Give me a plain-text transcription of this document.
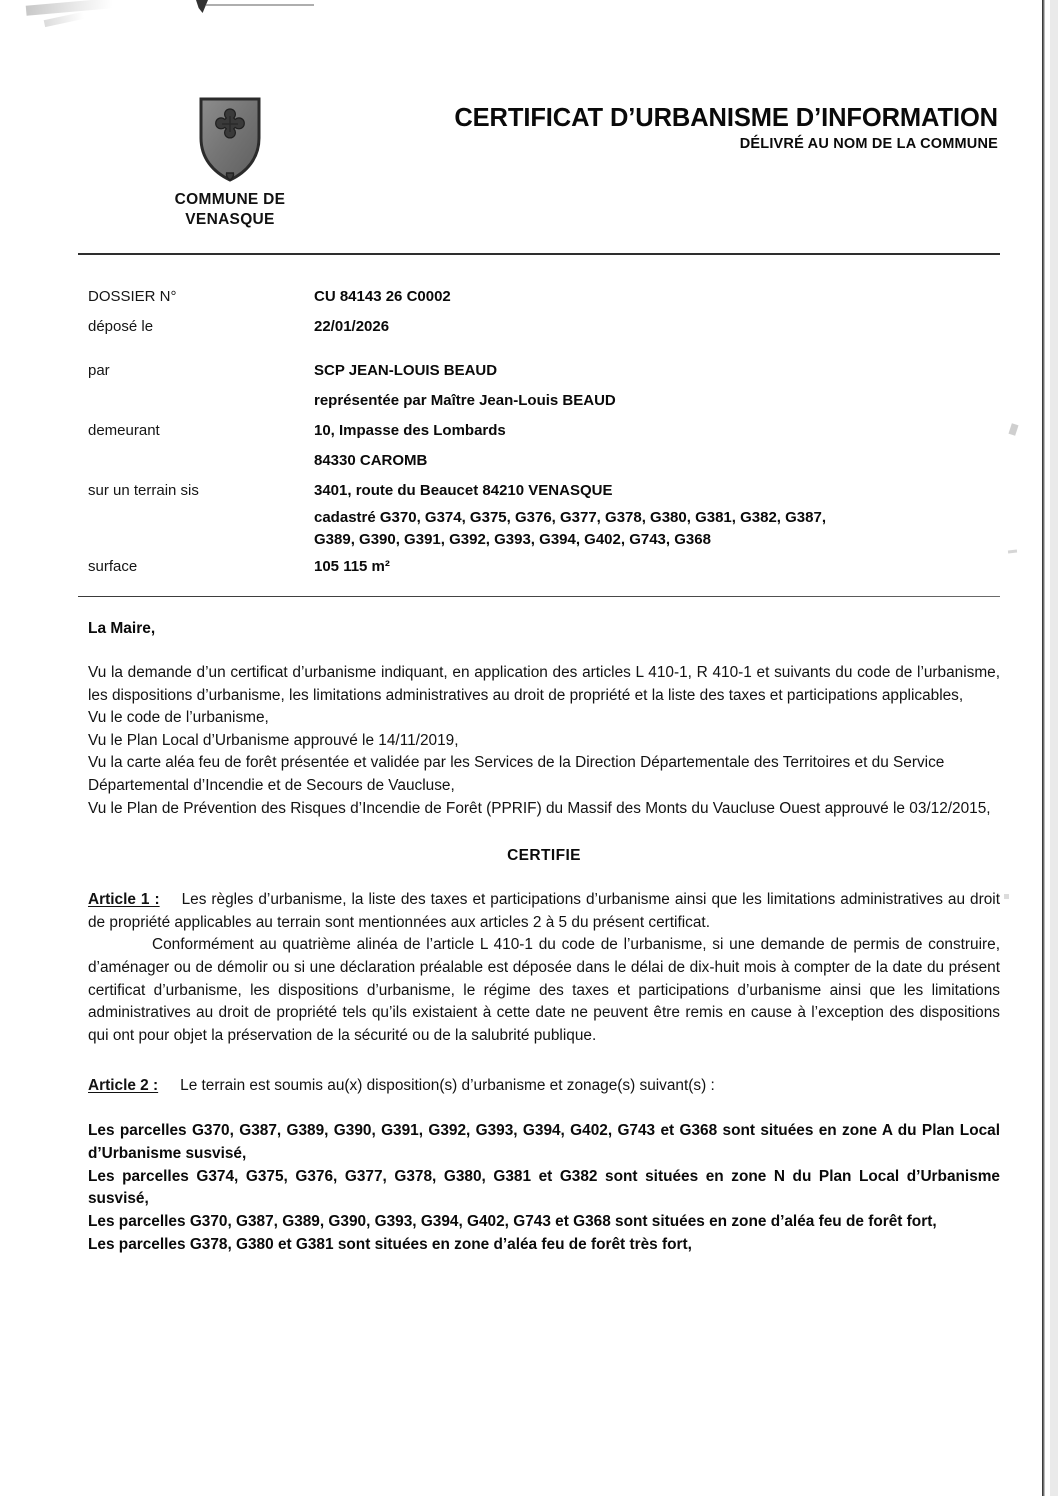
COMMUNE DE
VENASQUE
CERTIFICAT D’URBANISME D’INFORMATION
DÉLIVRÉ AU NOM DE LA COMMUNE
DOSSIER N°	CU 84143 26 C0002
déposé le	22/01/2026
par	SCP JEAN-LOUIS BEAUD
représentée par Maître Jean-Louis BEAUD
demeurant	10, Impasse des Lombards
84330 CAROMB
sur un terrain sis	3401, route du Beaucet 84210 VENASQUE
cadastré G370, G374, G375, G376, G377, G378, G380, G381, G382, G387,
G389, G390, G391, G392, G393, G394, G402, G743, G368
surface	105 115 m²

La Maire,

Vu la demande d’un certificat d’urbanisme indiquant, en application des articles L 410-1, R 410-1 et suivants du code de l’urbanisme, les dispositions d’urbanisme, les limitations administratives au droit de propriété et la liste des taxes et participations applicables,

Vu le code de l’urbanisme,
Vu le Plan Local d’Urbanisme approuvé le 14/11/2019,

Vu la carte aléa feu de forêt présentée et validée par les Services de la Direction Départementale des Territoires et du Service Départemental d’Incendie et de Secours de Vaucluse,

Vu le Plan de Prévention des Risques d’Incendie de Forêt (PPRIF) du Massif des Monts du Vaucluse Ouest approuvé le 03/12/2015,

CERTIFIE

Article 1 : Les règles d’urbanisme, la liste des taxes et participations d’urbanisme ainsi que les limitations administratives au droit de propriété applicables au terrain sont mentionnées aux articles 2 à 5 du présent certificat.

Conformément au quatrième alinéa de l’article L 410-1 du code de l’urbanisme, si une demande de permis de construire, d’aménager ou de démolir ou si une déclaration préalable est déposée dans le délai de dix-huit mois à compter de la date du présent certificat d’urbanisme, les dispositions d’urbanisme, le régime des taxes et participations d’urbanisme ainsi que les limitations administratives au droit de propriété tels qu’ils existaient à cette date ne peuvent être remis en cause à l’exception des dispositions qui ont pour objet la préservation de la sécurité ou de la salubrité publique.

Article 2 : Le terrain est soumis au(x) disposition(s) d’urbanisme et zonage(s) suivant(s) :

Les parcelles G370, G387, G389, G390, G391, G392, G393, G394, G402, G743 et G368 sont situées en zone A du Plan Local d’Urbanisme susvisé,
Les parcelles G374, G375, G376, G377, G378, G380, G381 et G382 sont situées en zone N du Plan Local d’Urbanisme susvisé,
Les parcelles G370, G387, G389, G390, G393, G394, G402, G743 et G368 sont situées en zone d’aléa feu de forêt fort,
Les parcelles G378, G380 et G381 sont situées en zone d’aléa feu de forêt très fort,
